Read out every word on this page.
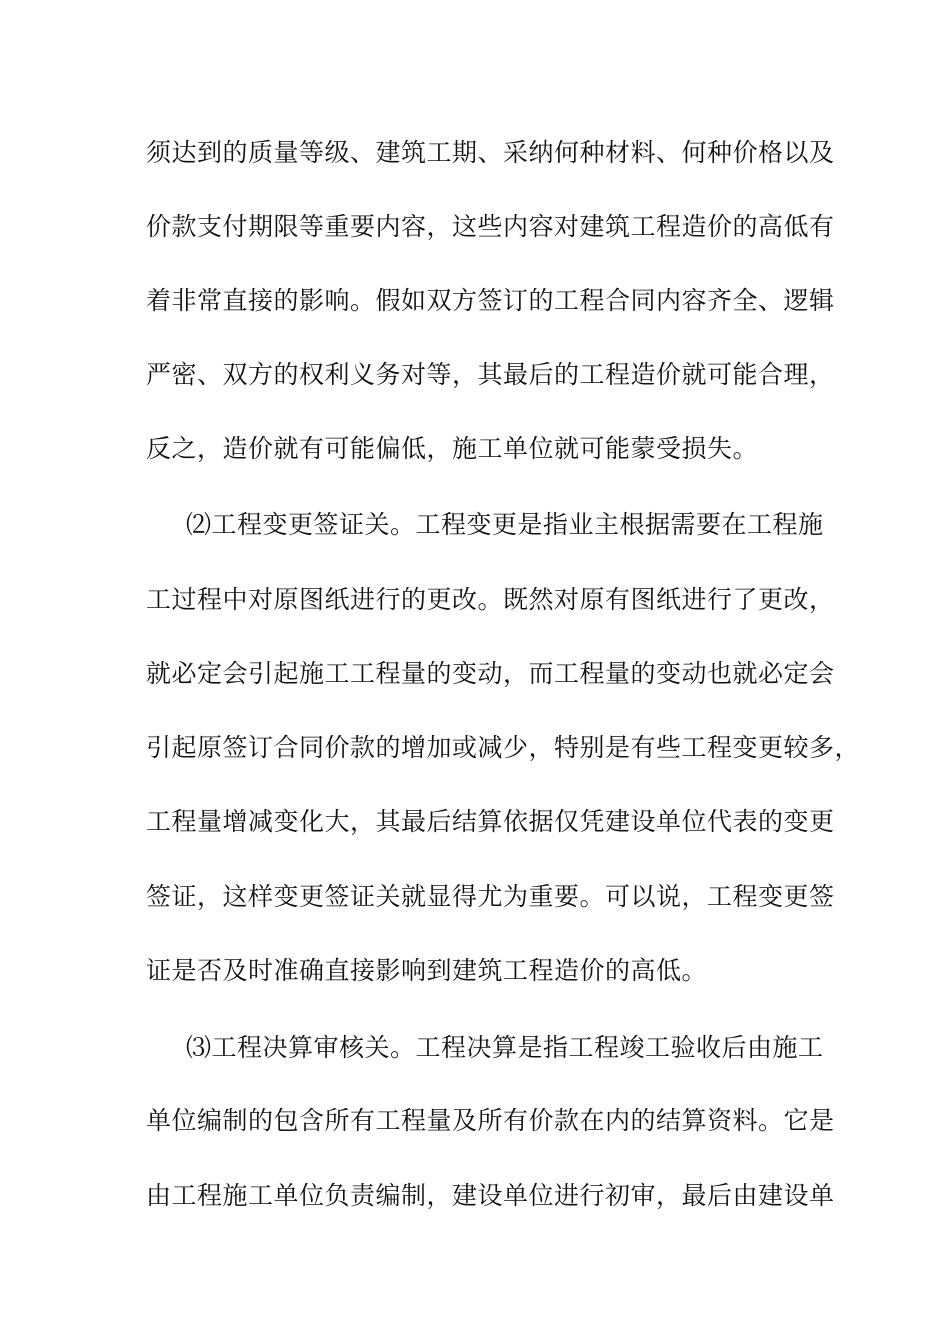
须达到的质量等级、建筑工期、采纳何种材料、何种价格以及
价款支付期限等重要内容，这些内容对建筑工程造价的高低有
着非常直接的影响。假如双方签订的工程合同内容齐全、逻辑
严密、双方的权利义务对等，其最后的工程造价就可能合理，
反之，造价就有可能偏低，施工单位就可能蒙受损失。
⑵工程变更签证关。工程变更是指业主根据需要在工程施
工过程中对原图纸进行的更改。既然对原有图纸进行了更改，
就必定会引起施工工程量的变动，而工程量的变动也就必定会
引起原签订合同价款的增加或减少，特别是有些工程变更较多，
工程量增减变化大，其最后结算依据仅凭建设单位代表的变更
签证，这样变更签证关就显得尤为重要。可以说，工程变更签
证是否及时准确直接影响到建筑工程造价的高低。
⑶工程决算审核关。工程决算是指工程竣工验收后由施工
单位编制的包含所有工程量及所有价款在内的结算资料。它是
由工程施工单位负责编制，建设单位进行初审，最后由建设单
